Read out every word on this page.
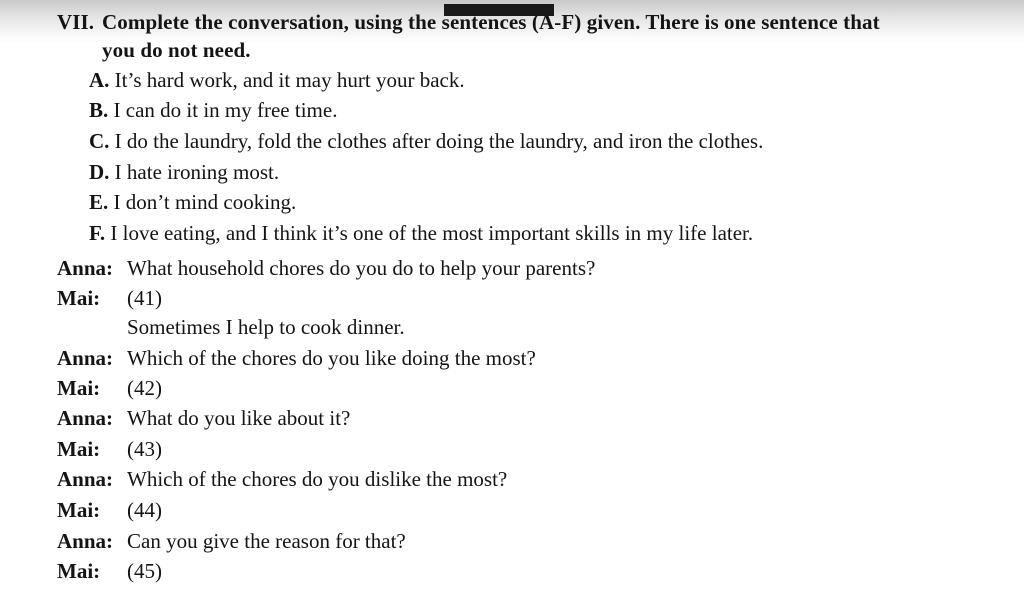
VII. Complete the conversation, using the sentences (A-F) given. There is one sentence that
you do not need.
A. It’s hard work, and it may hurt your back.
B. I can do it in my free time.
C. I do the laundry, fold the clothes after doing the laundry, and iron the clothes.
D. I hate ironing most.
E. I don’t mind cooking.
F. I love eating, and I think it’s one of the most important skills in my life later.
Anna: What household chores do you do to help your parents?
Mai: (41)
Sometimes I help to cook dinner.
Anna: Which of the chores do you like doing the most?
Mai: (42)
Anna: What do you like about it?
Mai: (43)
Anna: Which of the chores do you dislike the most?
Mai: (44)
Anna: Can you give the reason for that?
Mai: (45)
